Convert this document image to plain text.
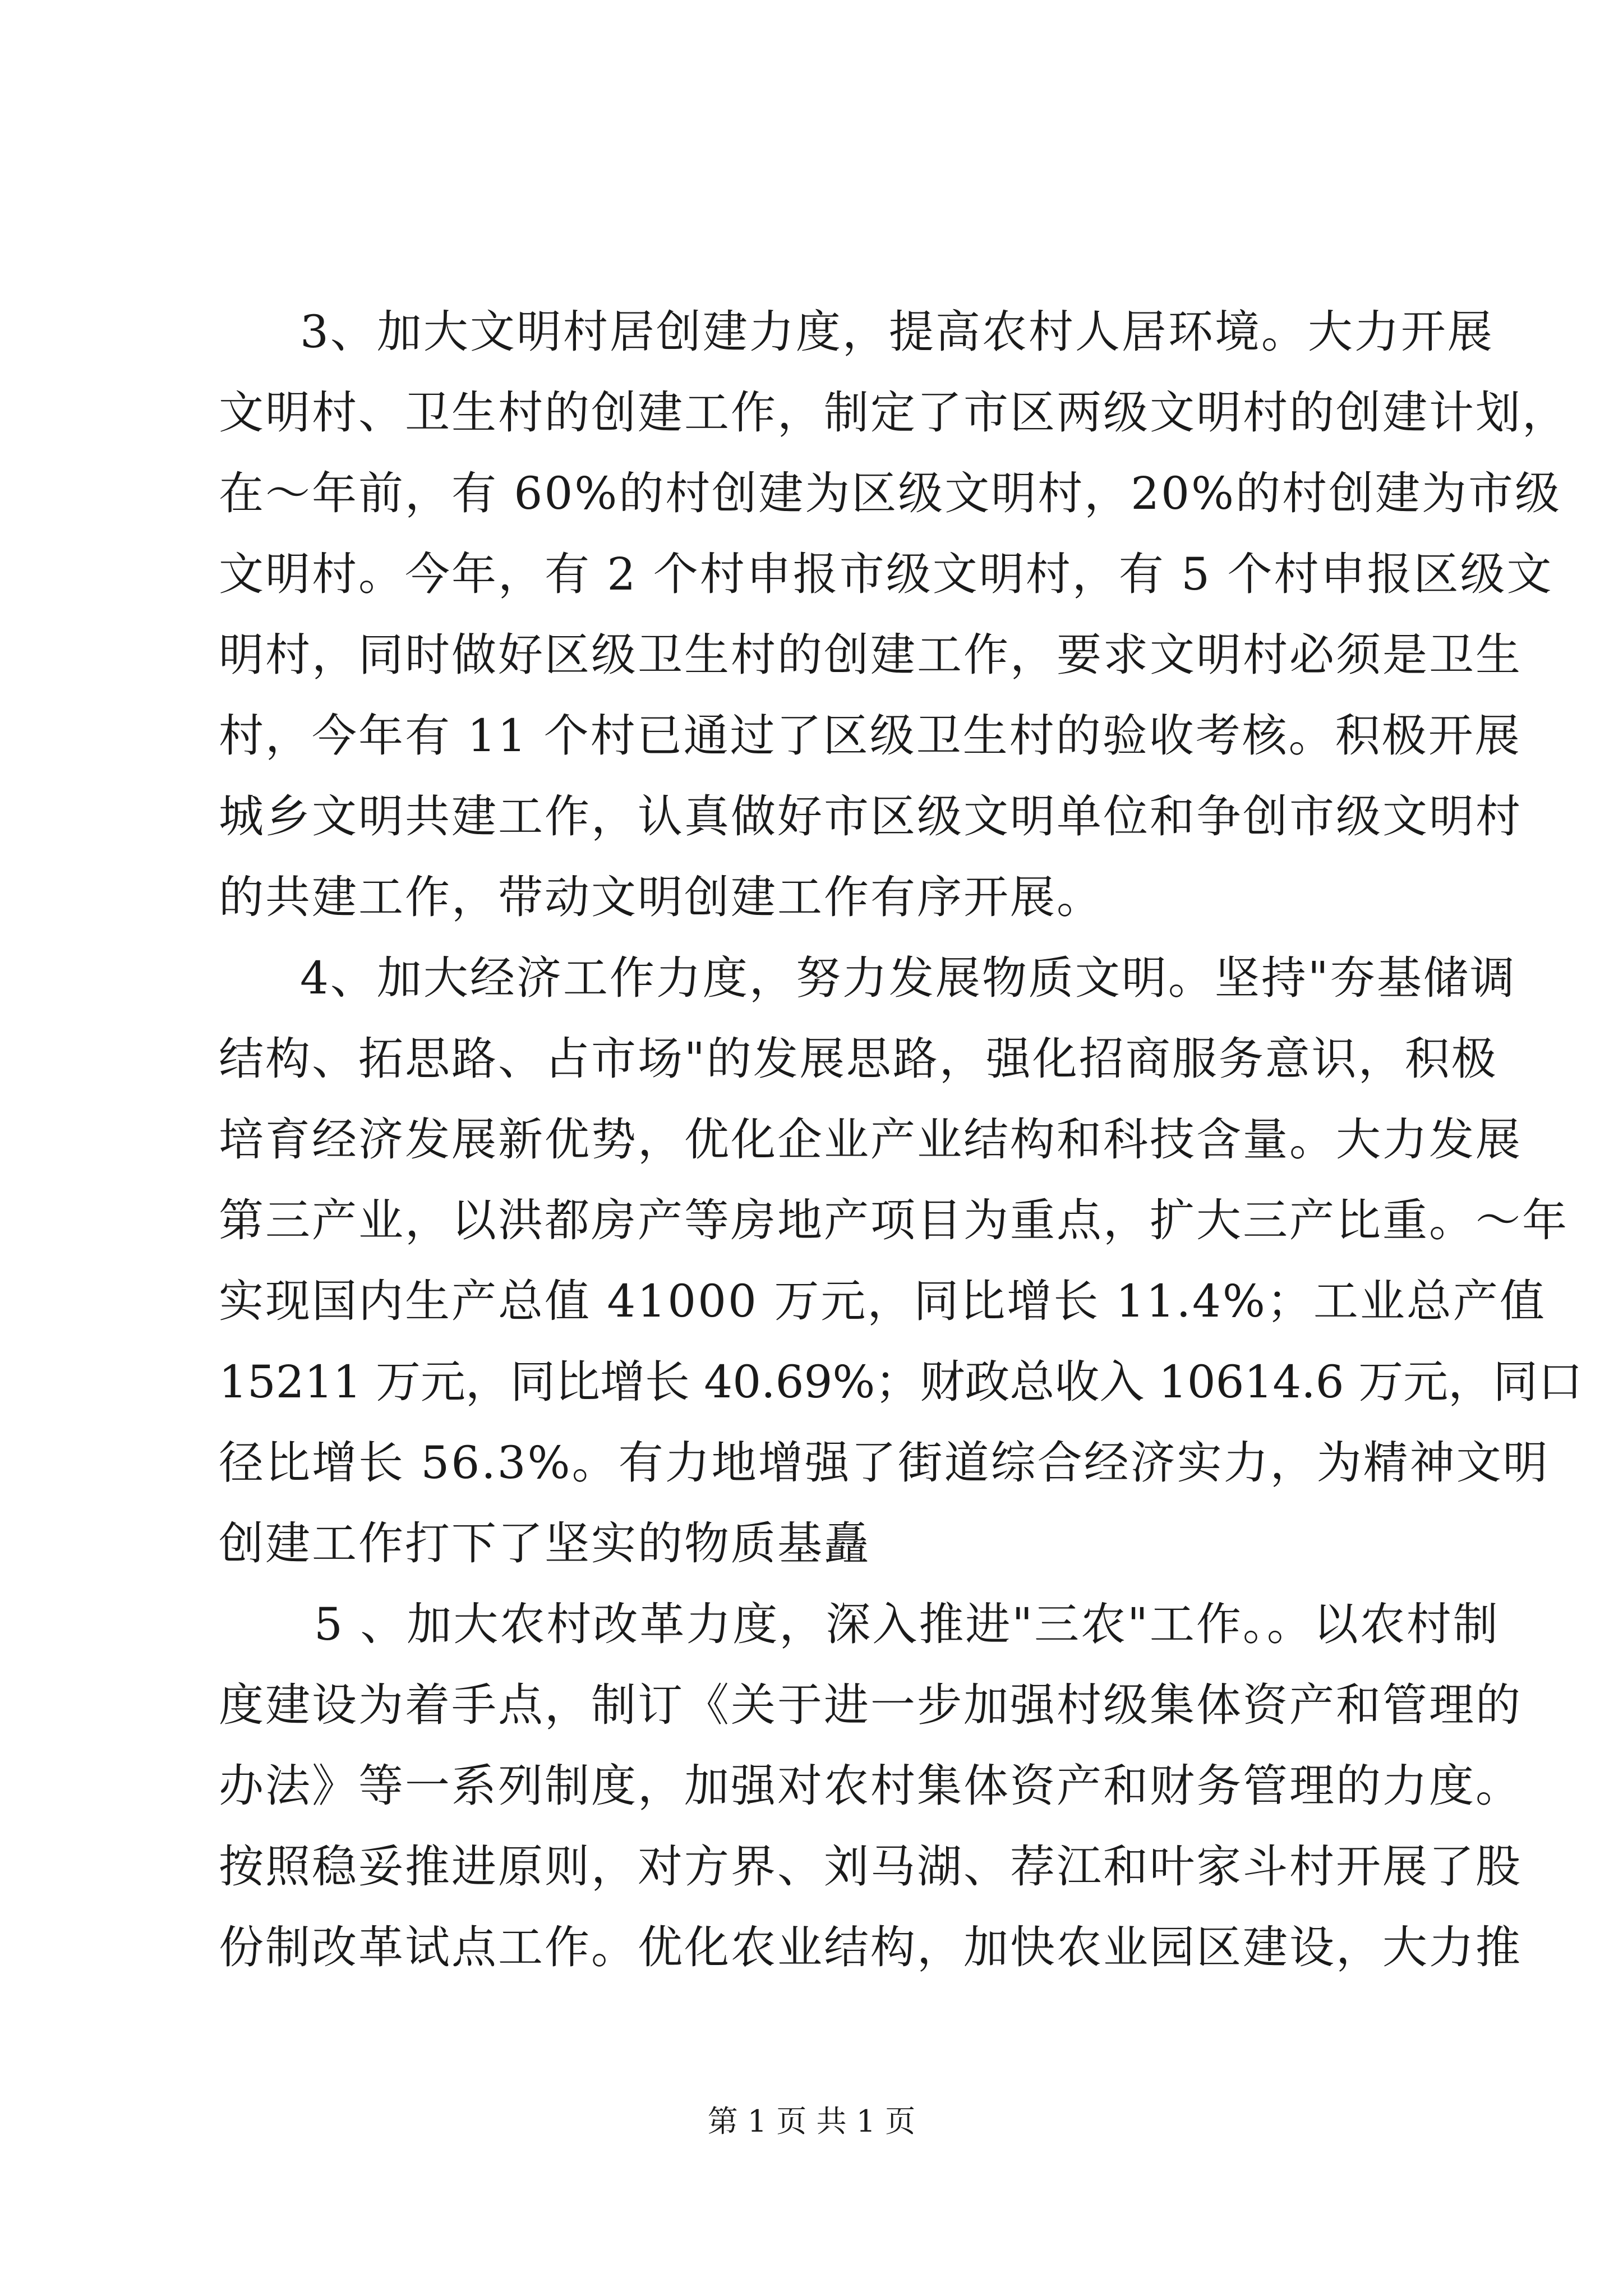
3、加大文明村居创建力度，提高农村人居环境。大力开展
文明村、卫生村的创建工作，制定了市区两级文明村的创建计划，
在～年前，有 60%的村创建为区级文明村，20%的村创建为市级
文明村。今年，有 2 个村申报市级文明村，有 5 个村申报区级文
明村，同时做好区级卫生村的创建工作，要求文明村必须是卫生
村，今年有 11 个村已通过了区级卫生村的验收考核。积极开展
城乡文明共建工作，认真做好市区级文明单位和争创市级文明村
的共建工作，带动文明创建工作有序开展。
4、加大经济工作力度，努力发展物质文明。坚持"夯基储调
结构、拓思路、占市场"的发展思路，强化招商服务意识，积极
培育经济发展新优势，优化企业产业结构和科技含量。大力发展
第三产业，以洪都房产等房地产项目为重点，扩大三产比重。～年
实现国内生产总值 41000 万元，同比增长 11.4%；工业总产值
15211 万元，同比增长 40.69%；财政总收入 10614.6 万元，同口
径比增长 56.3%。有力地增强了街道综合经济实力，为精神文明
创建工作打下了坚实的物质基矗
5 、加大农村改革力度，深入推进"三农"工作。。以农村制
度建设为着手点，制订《关于进一步加强村级集体资产和管理的
办法》等一系列制度，加强对农村集体资产和财务管理的力度。
按照稳妥推进原则，对方界、刘马湖、荐江和叶家斗村开展了股
份制改革试点工作。优化农业结构，加快农业园区建设，大力推
第 1 页 共 1 页
